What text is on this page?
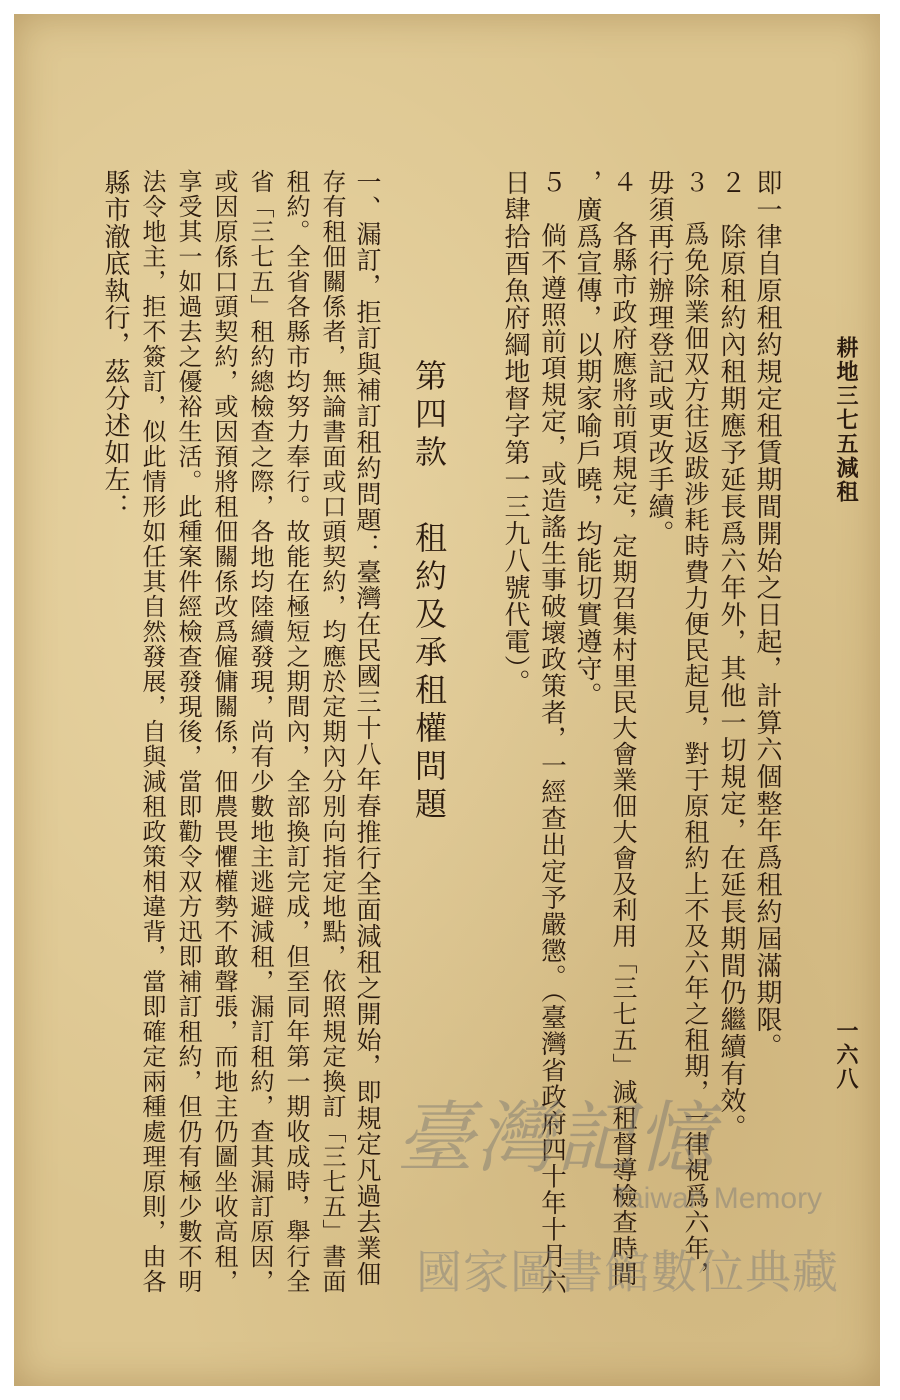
耕地三七五減租
一六八
即一律自原租約規定租賃期間開始之日起，計算六個整年爲租約屆滿期限。
２　除原租約內租期應予延長爲六年外，其他一切規定，在延長期間仍繼續有效。
３　爲免除業佃双方往返跋涉耗時費力便民起見，對于原租約上不及六年之租期，一律視爲六年，
毋須再行辦理登記或更改手續。
４　各縣市政府應將前項規定，定期召集村里民大會業佃大會及利用「三七五」減租督導檢查時間
，廣爲宣傳，以期家喻戶曉，均能切實遵守。
５　倘不遵照前項規定，或造謠生事破壞政策者，一經查出定予嚴懲。（臺灣省政府四十年十月六
日肆拾酉魚府綱地督字第一三九八號代電）。
第四款租約及承租權問題
一、漏訂，拒訂與補訂租約問題：臺灣在民國三十八年春推行全面減租之開始，即規定凡過去業佃
存有租佃關係者，無論書面或口頭契約，均應於定期內分別向指定地點，依照規定換訂「三七五」書面
租約。全省各縣市均努力奉行。故能在極短之期間內，全部換訂完成，但至同年第一期收成時，舉行全
省「三七五」租約總檢查之際，各地均陸續發現，尚有少數地主逃避減租，漏訂租約，查其漏訂原因，
或因原係口頭契約，或因預將租佃關係改爲僱傭關係，佃農畏懼權勢不敢聲張，而地主仍圖坐收高租，
享受其一如過去之優裕生活。此種案件經檢查發現後，當即勸令双方迅即補訂租約，但仍有極少數不明
法令地主，拒不簽訂，似此情形如任其自然發展，自與減租政策相違背，當即確定兩種處理原則，由各
縣市澈底執行，茲分述如左：
臺灣記憶
Taiwan Memory
國家圖書館數位典藏
